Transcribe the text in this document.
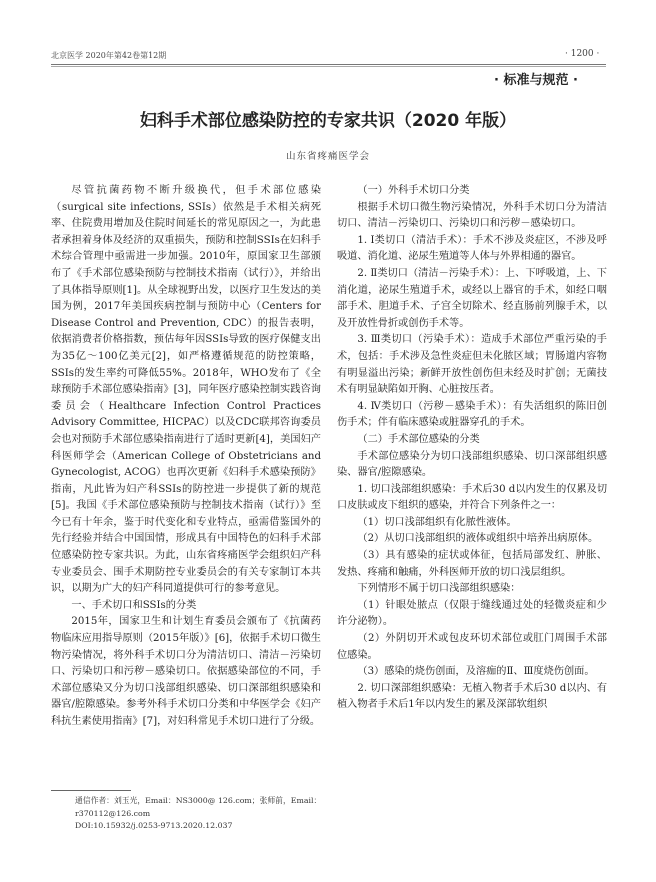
北京医学 2020年第42卷第12期	· 1200 ·
· 标准与规范 ·
妇科手术部位感染防控的专家共识（2020 年版）
山东省疼痛医学会

尽管抗菌药物不断升级换代，但手术部位感染（surgical site infections, SSIs）依然是手术相关病死率、住院费用增加及住院时间延长的常见原因之一，为此患者承担着身体及经济的双重损失，预防和控制SSIs在妇科手术综合管理中亟需进一步加强。2010年，原国家卫生部颁布了《手术部位感染预防与控制技术指南（试行）》，并给出了具体指导原则[1]。从全球视野出发，以医疗卫生发达的美国为例，2017年美国疾病控制与预防中心（Centers for Disease Control and Prevention, CDC）的报告表明，依据消费者价格指数，预估每年因SSIs导致的医疗保健支出为35亿～100亿美元[2]，如严格遵循规范的防控策略，SSIs的发生率约可降低55%。2018年，WHO发布了《全球预防手术部位感染指南》[3]，同年医疗感染控制实践咨询委员会（Healthcare Infection Control Practices Advisory Committee, HICPAC）以及CDC联邦咨询委员会也对预防手术部位感染指南进行了适时更新[4]，美国妇产科医师学会（American College of Obstetricians and Gynecologist, ACOG）也再次更新《妇科手术感染预防》指南，凡此皆为妇产科SSIs的防控进一步提供了新的规范[5]。我国《手术部位感染预防与控制技术指南（试行）》至今已有十年余，鉴于时代变化和专业特点，亟需借鉴国外的先行经验并结合中国国情，形成具有中国特色的妇科手术部位感染防控专家共识。为此，山东省疼痛医学会组织妇产科专业委员会、围手术期防控专业委员会的有关专家制订本共识，以期为广大的妇产科同道提供可行的参考意见。

一、手术切口和SSIs的分类

2015年，国家卫生和计划生育委员会颁布了《抗菌药物临床应用指导原则（2015年版）》[6]，依据手术切口微生物污染情况，将外科手术切口分为清洁切口、清洁－污染切口、污染切口和污秽－感染切口。依据感染部位的不同，手术部位感染又分为切口浅部组织感染、切口深部组织感染和器官/腔隙感染。参考外科手术切口分类和中华医学会《妇产科抗生素使用指南》[7]，对妇科常见手术切口进行了分级。

（一）外科手术切口分类

根据手术切口微生物污染情况，外科手术切口分为清洁切口、清洁－污染切口、污染切口和污秽－感染切口。

1. Ⅰ类切口（清洁手术）：手术不涉及炎症区，不涉及呼吸道、消化道、泌尿生殖道等人体与外界相通的器官。

2. Ⅱ类切口（清洁－污染手术）：上、下呼吸道，上、下消化道，泌尿生殖道手术，或经以上器官的手术，如经口咽部手术、胆道手术、子宫全切除术、经直肠前列腺手术，以及开放性骨折或创伤手术等。

3. Ⅲ类切口（污染手术）：造成手术部位严重污染的手术，包括：手术涉及急性炎症但未化脓区域；胃肠道内容物有明显溢出污染；新鲜开放性创伤但未经及时扩创；无菌技术有明显缺陷如开胸、心脏按压者。

4. Ⅳ类切口（污秽－感染手术）：有失活组织的陈旧创伤手术；伴有临床感染或脏器穿孔的手术。

（二）手术部位感染的分类

手术部位感染分为切口浅部组织感染、切口深部组织感染、器官/腔隙感染。

1. 切口浅部组织感染：手术后30 d以内发生的仅累及切口皮肤或皮下组织的感染，并符合下列条件之一：

（1）切口浅部组织有化脓性液体。

（2）从切口浅部组织的液体或组织中培养出病原体。

（3）具有感染的症状或体征，包括局部发红、肿胀、发热、疼痛和触痛，外科医师开放的切口浅层组织。

下列情形不属于切口浅部组织感染：

（1）针眼处脓点（仅限于缝线通过处的轻微炎症和少许分泌物）。

（2）外阴切开术或包皮环切术部位或肛门周围手术部位感染。

（3）感染的烧伤创面，及溶痂的Ⅱ、Ⅲ度烧伤创面。

2. 切口深部组织感染：无植入物者手术后30 d以内、有植入物者手术后1年以内发生的累及深部软组织

通信作者：刘玉光，Email：NS3000@ 126.com；张师前，Email：
r370112@126.com
DOI:10.15932/j.0253-9713.2020.12.037
